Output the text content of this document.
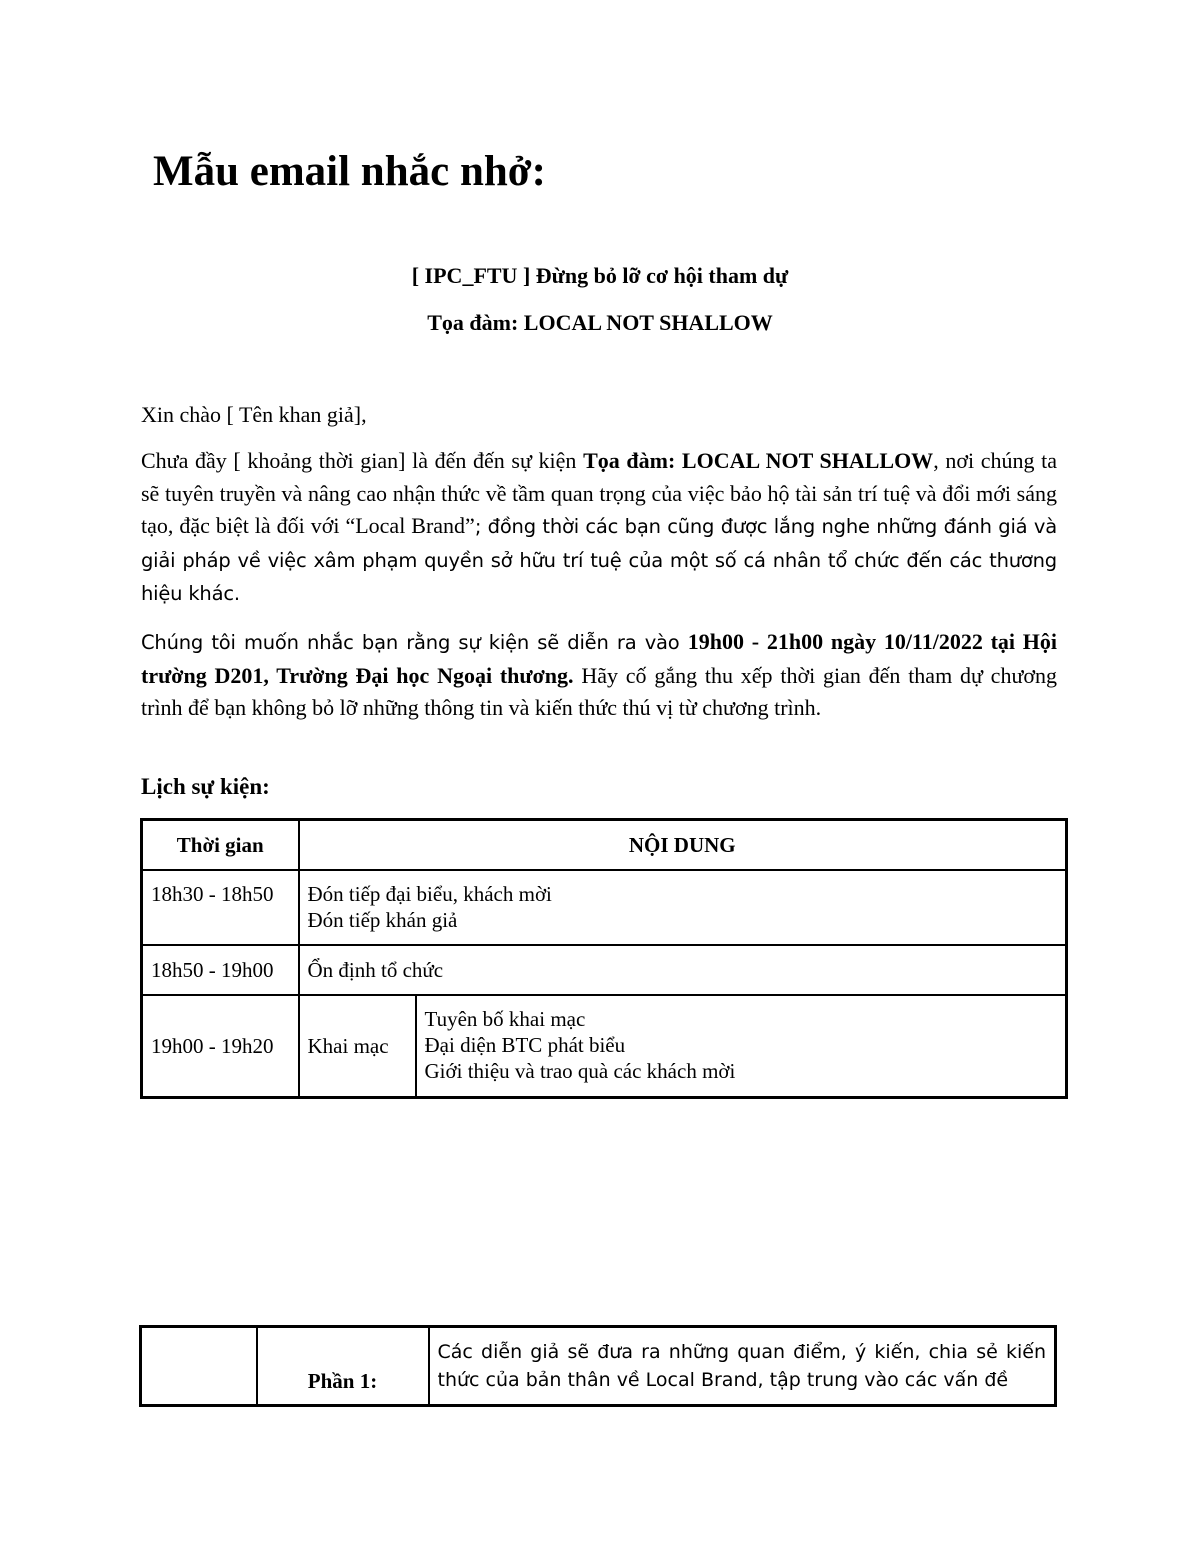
Mẫu email nhắc nhở:

[ IPC_FTU ] Đừng bỏ lỡ cơ hội tham dự

Tọa đàm: LOCAL NOT SHALLOW

Xin chào [ Tên khan giả],

Chưa đầy [ khoảng thời gian] là đến đến sự kiện Tọa đàm: LOCAL NOT SHALLOW, nơi chúng ta sẽ tuyên truyền và nâng cao nhận thức về tầm quan trọng của việc bảo hộ tài sản trí tuệ và đổi mới sáng tạo, đặc biệt là đối với “Local Brand”; đồng thời các bạn cũng được lắng nghe những đánh giá và giải pháp về việc xâm phạm quyền sở hữu trí tuệ của một số cá nhân tổ chức đến các thương hiệu khác.

Chúng tôi muốn nhắc bạn rằng sự kiện sẽ diễn ra vào 19h00 - 21h00 ngày 10/11/2022 tại Hội trường D201, Trường Đại học Ngoại thương. Hãy cố gắng thu xếp thời gian đến tham dự chương trình để bạn không bỏ lỡ những thông tin và kiến thức thú vị từ chương trình.

Lịch sự kiện:

Thời gian	NỘI DUNG	
18h30 - 18h50	Đón tiếp đại biểu, khách mời
Đón tiếp khán giả	

18h50 - 19h00	Ổn định tổ chức	
19h00 - 19h20	Khai mạc	Tuyên bố khai mạc
Đại diện BTC phát biểu
Giới thiệu và trao quà các khách mời
	Phần 1:	Các diễn giả sẽ đưa ra những quan điểm, ý kiến, chia sẻ kiến thức của bản thân về Local Brand, tập trung vào các vấn đề
